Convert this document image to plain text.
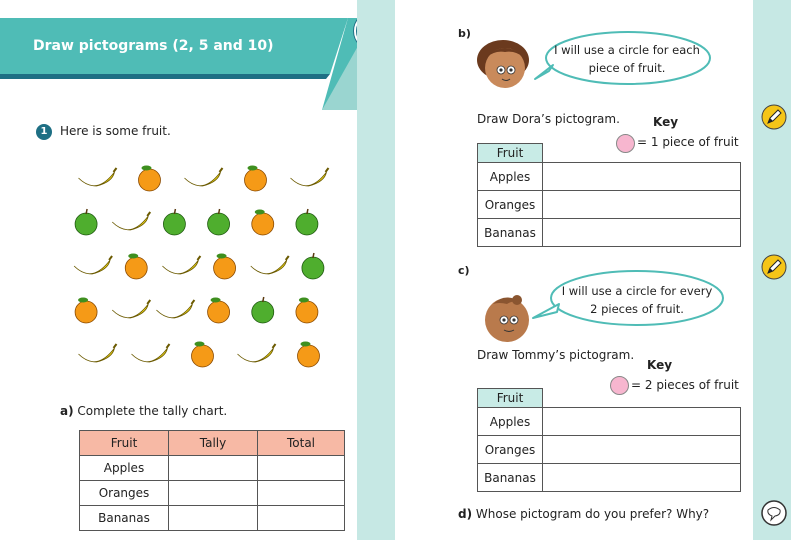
Draw pictograms (2, 5 and 10)
1	Here is some fruit.
a) Complete the tally chart.
Fruit	Tally	Total
Apples		
Oranges		
Bananas		
b)
I will use a circle for each
piece of fruit.
Draw Dora’s pictogram.	Key
= 1 piece of fruit
Fruit	
Apples	
Oranges	
Bananas	
c)
I will use a circle for every
2 pieces of fruit.
Draw Tommy’s pictogram.
Key
= 2 pieces of fruit
Fruit	
Apples	
Oranges	
Bananas	
d) Whose pictogram do you prefer? Why?
